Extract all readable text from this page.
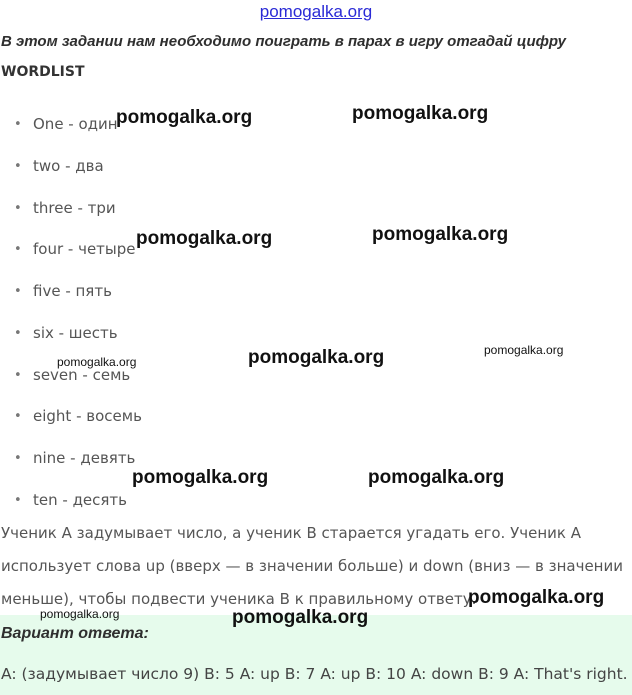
pomogalka.org
В этом задании нам необходимо поиграть в парах в игру отгадай цифру
WORDLIST
• One - один
• two - два
• three - три
• four - четыре
• five - пять
• six - шесть
• seven - семь
• eight - восемь
• nine - девять
• ten - десять
Ученик A задумывает число, а ученик B старается угадать его. Ученик A
использует слова up (вверх — в значении больше) и down (вниз — в значении
меньше), чтобы подвести ученика B к правильному ответу.
Вариант ответа:
A: (задумывает число 9) B: 5 A: up B: 7 A: up B: 10 A: down B: 9 A: That's right.
pomogalka.org	pomogalka.org
pomogalka.org	pomogalka.org
pomogalka.org	pomogalka.org	pomogalka.org
pomogalka.org	pomogalka.org
pomogalka.org
pomogalka.org	pomogalka.org
